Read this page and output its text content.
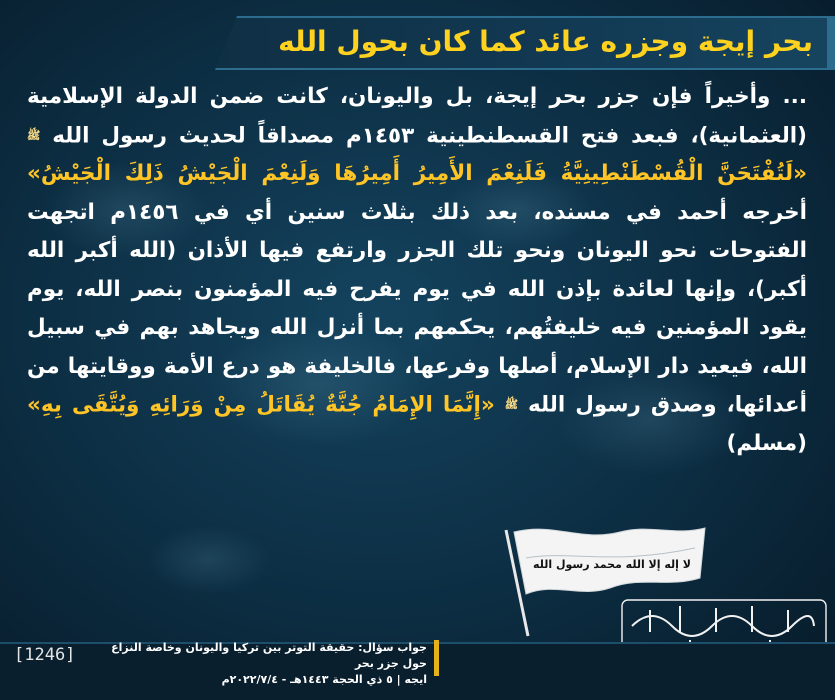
بحر إيجة وجزره عائد كما كان بحول الله
... وأخيراً فإن جزر بحر إيجة، بل واليونان، كانت ضمن الدولة الإسلامية (العثمانية)، فبعد فتح القسطنطينية ١٤٥٣م مصداقاً لحديث رسول الله ﷺ «لَتُفْتَحَنَّ الْقُسْطَنْطِينِيَّةُ فَلَنِعْمَ الأَمِيرُ أَمِيرُهَا وَلَنِعْمَ الْجَيْشُ ذَلِكَ الْجَيْشُ» أخرجه أحمد في مسنده، بعد ذلك بثلاث سنين أي في ١٤٥٦م اتجهت الفتوحات نحو اليونان ونحو تلك الجزر وارتفع فيها الأذان (الله أكبر الله أكبر)، وإنها لعائدة بإذن الله في يوم يفرح فيه المؤمنون بنصر الله، يوم يقود المؤمنين فيه خليفتُهم، يحكمهم بما أنزل الله ويجاهد بهم في سبيل الله، فيعيد دار الإسلام، أصلها وفرعها، فالخليفة هو درع الأمة ووقايتها من أعدائها، وصدق رسول الله ﷺ «إِنَّمَا الإِمَامُ جُنَّةٌ يُقَاتَلُ مِنْ وَرَائِهِ وَيُتَّقَى بِهِ» (مسلم)
لا إله إلا الله محمد رسول الله
جواب سؤال: حقيقة التوتر بين تركيا واليونان وخاصة النزاع حول جزر بحر
ايجه | ٥ ذي الحجة ١٤٤٣هـ - ٢٠٢٢/٧/٤م
[1246]
